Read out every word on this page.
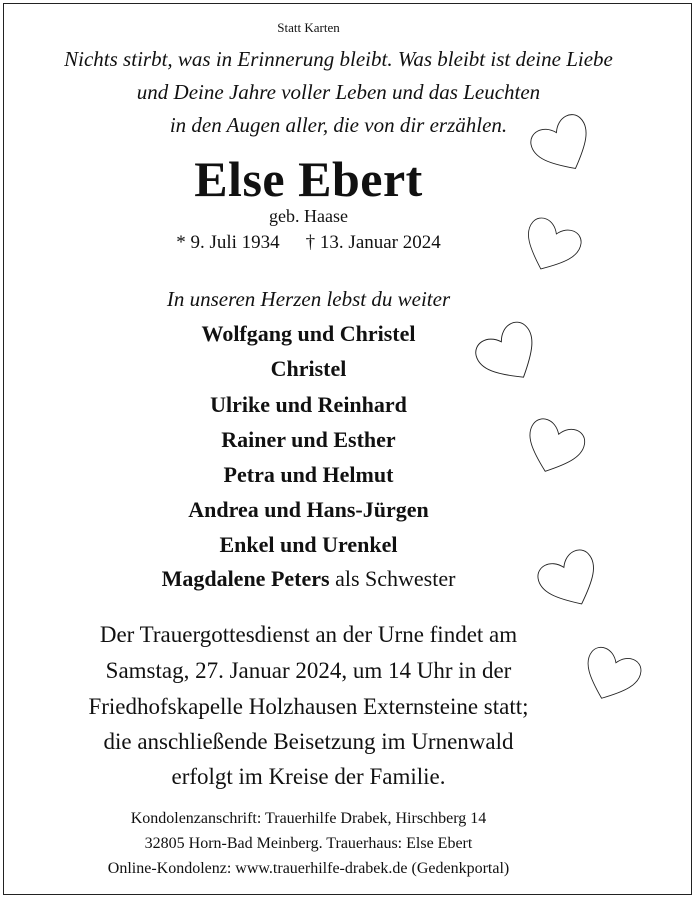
Statt Karten
Nichts stirbt, was in Erinnerung bleibt. Was bleibt ist deine Liebe
und Deine Jahre voller Leben und das Leuchten
in den Augen aller, die von dir erzählen.
Else Ebert
geb. Haase
* 9. Juli 1934 † 13. Januar 2024
In unseren Herzen lebst du weiter
Wolfgang und Christel
Christel
Ulrike und Reinhard
Rainer und Esther
Petra und Helmut
Andrea und Hans-Jürgen
Enkel und Urenkel
Magdalene Peters als Schwester
Der Trauergottesdienst an der Urne findet am
Samstag, 27. Januar 2024, um 14 Uhr in der
Friedhofskapelle Holzhausen Externsteine statt;
die anschließende Beisetzung im Urnenwald
erfolgt im Kreise der Familie.
Kondolenzanschrift: Trauerhilfe Drabek, Hirschberg 14
32805 Horn-Bad Meinberg. Trauerhaus: Else Ebert
Online-Kondolenz: www.trauerhilfe-drabek.de (Gedenkportal)
